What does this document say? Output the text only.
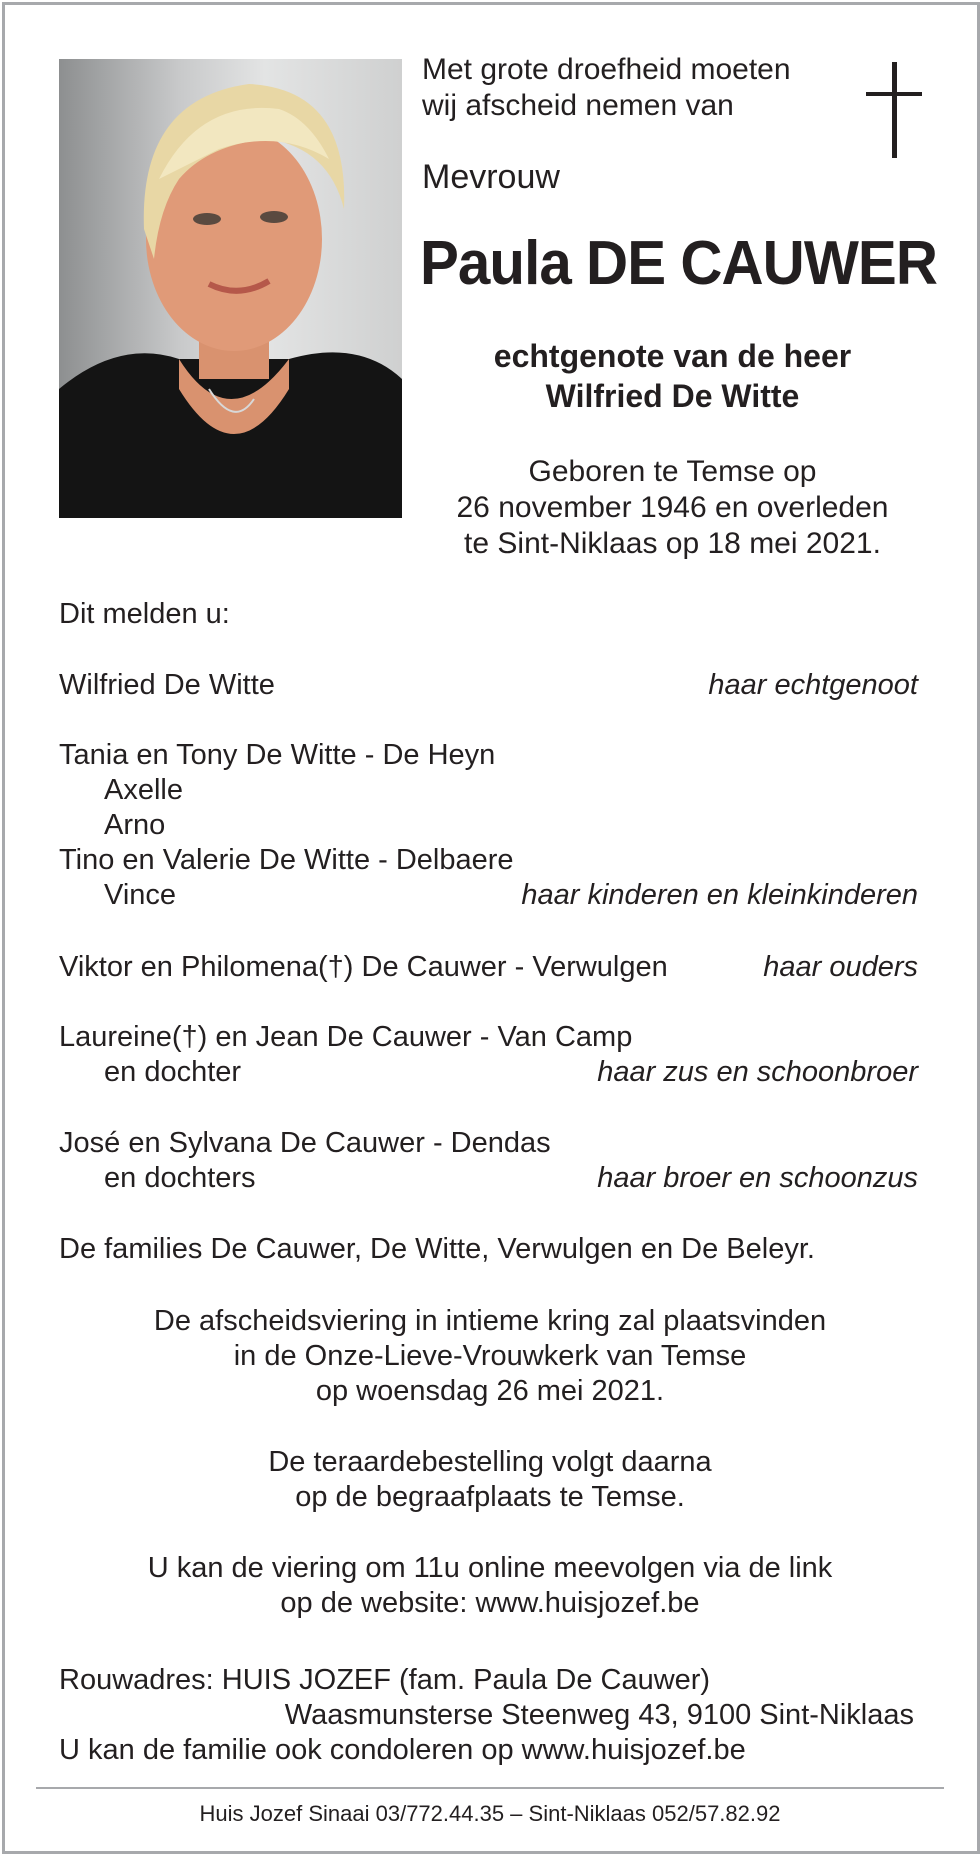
Met grote droefheid moeten
wij afscheid nemen van
Mevrouw
Paula DE CAUWER
echtgenote van de heer
Wilfried De Witte
Geboren te Temse op
26 november 1946 en overleden
te Sint-Niklaas op 18 mei 2021.
Dit melden u:
Wilfried De Witte	haar echtgenoot
Tania en Tony De Witte - De Heyn
Axelle
Arno
Tino en Valerie De Witte - Delbaere
Vince	haar kinderen en kleinkinderen
Viktor en Philomena(†) De Cauwer - Verwulgen	haar ouders
Laureine(†) en Jean De Cauwer - Van Camp
en dochter	haar zus en schoonbroer
José en Sylvana De Cauwer - Dendas
en dochters	haar broer en schoonzus
De families De Cauwer, De Witte, Verwulgen en De Beleyr.
De afscheidsviering in intieme kring zal plaatsvinden
in de Onze-Lieve-Vrouwkerk van Temse
op woensdag 26 mei 2021.
De teraardebestelling volgt daarna
op de begraafplaats te Temse.
U kan de viering om 11u online meevolgen via de link
op de website: www.huisjozef.be
Rouwadres: HUIS JOZEF (fam. Paula De Cauwer)
Waasmunsterse Steenweg 43, 9100 Sint-Niklaas
U kan de familie ook condoleren op www.huisjozef.be
Huis Jozef Sinaai 03/772.44.35 – Sint-Niklaas 052/57.82.92
